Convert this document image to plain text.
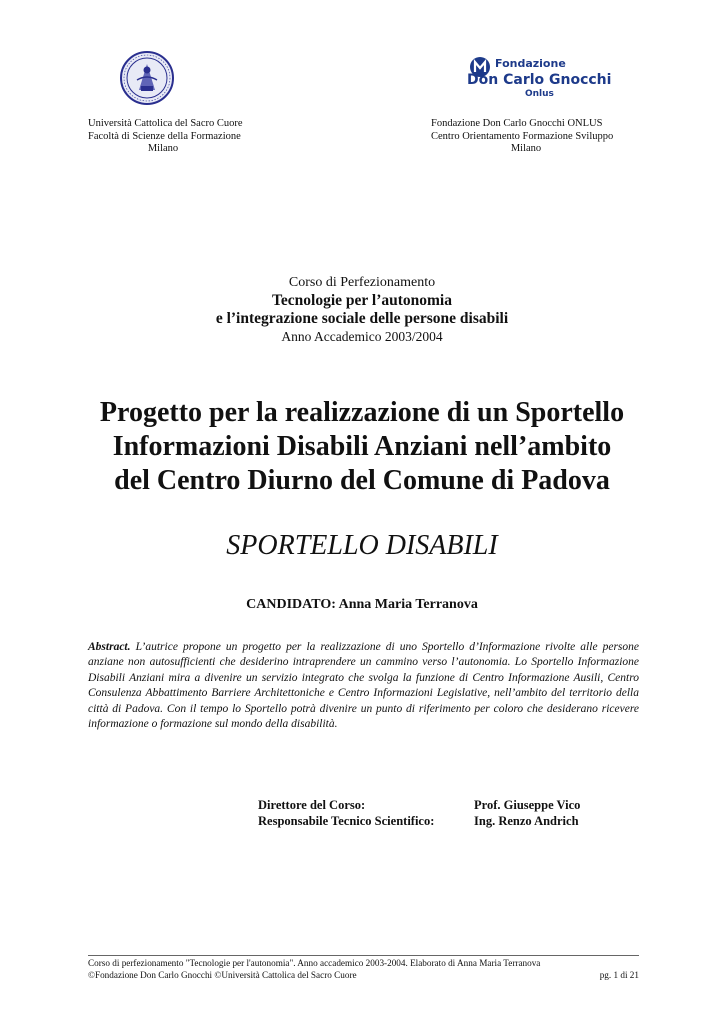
Fondazione
Don Carlo Gnocchi
Onlus
Università Cattolica del Sacro Cuore
Facoltà di Scienze della Formazione
Milano
Fondazione Don Carlo Gnocchi ONLUS
Centro Orientamento Formazione Sviluppo
Milano
Corso di Perfezionamento
Tecnologie per l’autonomia
e l’integrazione sociale delle persone disabili
Anno Accademico 2003/2004
Progetto per la realizzazione di un Sportello
Informazioni Disabili Anziani nell’ambito
del Centro Diurno del Comune di Padova
SPORTELLO DISABILI
CANDIDATO: Anna Maria Terranova
Abstract. L’autrice propone un progetto per la realizzazione di uno Sportello d’Informazione rivolte alle persone anziane non autosufficienti che desiderino intraprendere un cammino verso l’autonomia. Lo Sportello Informazione Disabili Anziani mira a divenire un servizio integrato che svolga la funzione di Centro Informazione Ausili, Centro Consulenza Abbattimento Barriere Architettoniche e Centro Informazioni Legislative, nell’ambito del territorio della città di Padova. Con il tempo lo Sportello potrà divenire un punto di riferimento per coloro che desiderano ricevere informazione o formazione sul mondo della disabilità.
Direttore del Corso:	Prof. Giuseppe Vico
Responsabile Tecnico Scientifico:	Ing. Renzo Andrich
Corso di perfezionamento "Tecnologie per l'autonomia". Anno accademico 2003-2004. Elaborato di Anna Maria Terranova
©Fondazione Don Carlo Gnocchi ©Università Cattolica del Sacro Cuore	pg. 1 di 21
